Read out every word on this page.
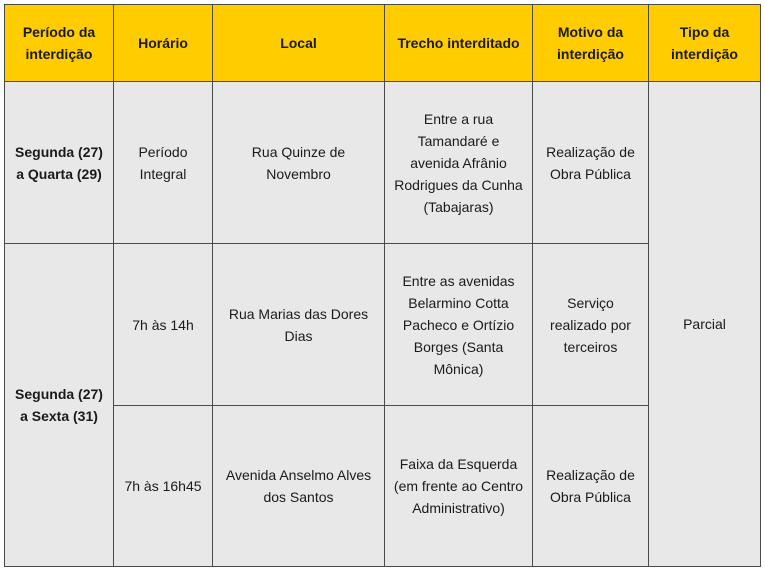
Período da interdição	Horário	Local	Trecho interditado	Motivo da interdição	Tipo da interdição
Segunda (27) a Quarta (29)	Período Integral	Rua Quinze de Novembro	Entre a rua Tamandaré e avenida Afrânio Rodrigues da Cunha (Tabajaras)	Realização de Obra Pública	Parcial
Segunda (27) a Sexta (31)	7h às 14h	Rua Marias das Dores Dias	Entre as avenidas Belarmino Cotta Pacheco e Ortízio Borges (Santa Mônica)	Serviço realizado por terceiros	
	7h às 16h45	Avenida Anselmo Alves dos Santos	Faixa da Esquerda (em frente ao Centro Administrativo)	Realização de Obra Pública	
